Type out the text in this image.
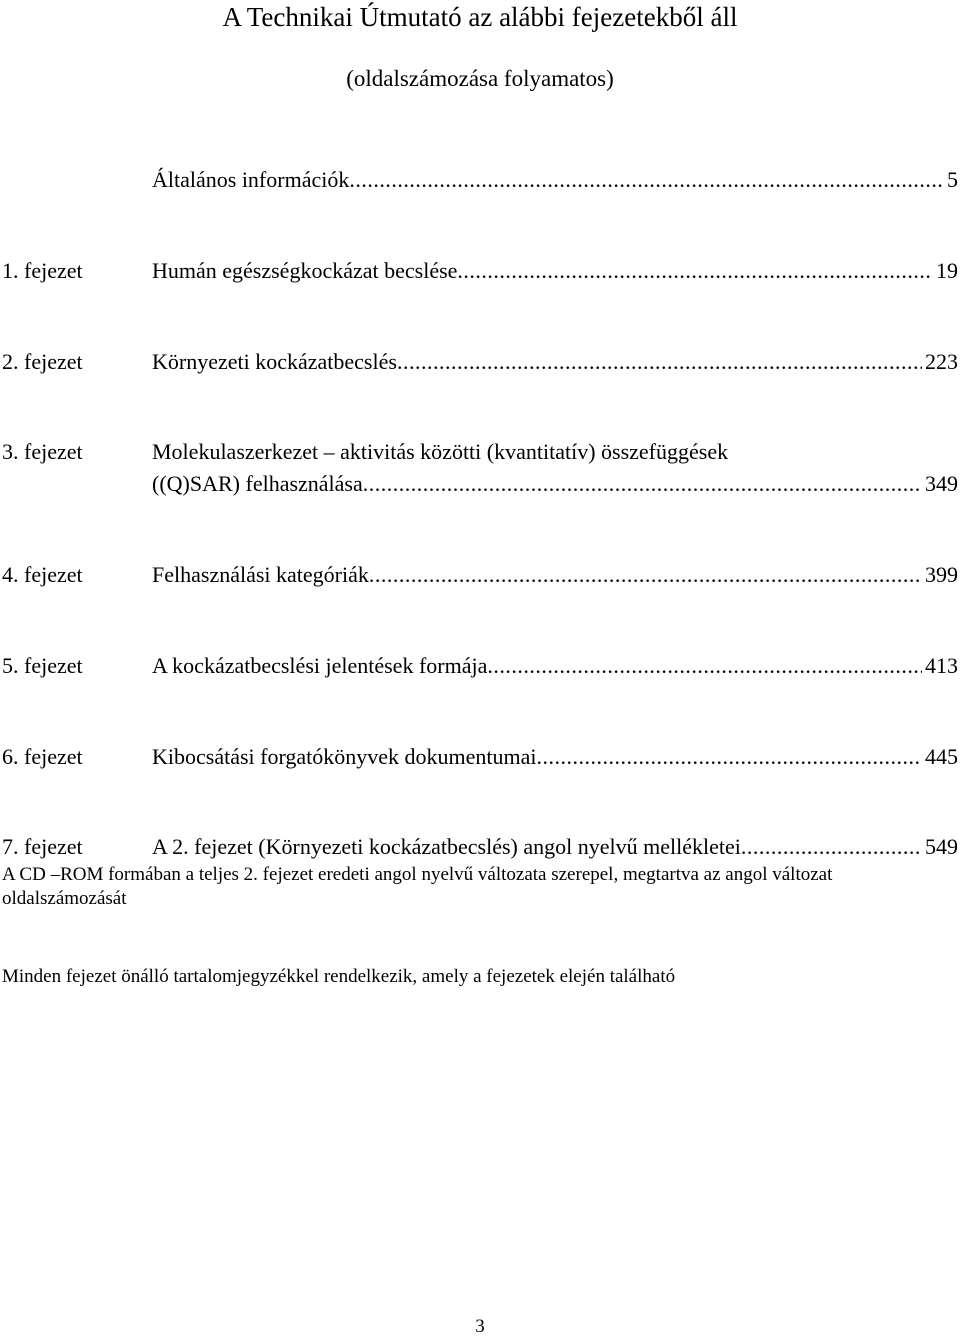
A Technikai Útmutató az alábbi fejezetekből áll
(oldalszámozása folyamatos)
Általános információk .....	5
1. fejezet	Humán egészségkockázat becslése .....	19
2. fejezet	Környezeti kockázatbecslés .....	223
3. fejezet	Molekulaszerkezet – aktivitás közötti (kvantitatív) összefüggések
((Q)SAR) felhasználása .....	349
4. fejezet	Felhasználási kategóriák .....	399
5. fejezet	A kockázatbecslési jelentések formája .....	413
6. fejezet	Kibocsátási forgatókönyvek dokumentumai .....	445
7. fejezet	A 2. fejezet (Környezeti kockázatbecslés) angol nyelvű mellékletei .....	549
A CD –ROM formában a teljes 2. fejezet eredeti angol nyelvű változata szerepel, megtartva az angol változat
oldalszámozását
Minden fejezet önálló tartalomjegyzékkel rendelkezik, amely a fejezetek elején található
3
